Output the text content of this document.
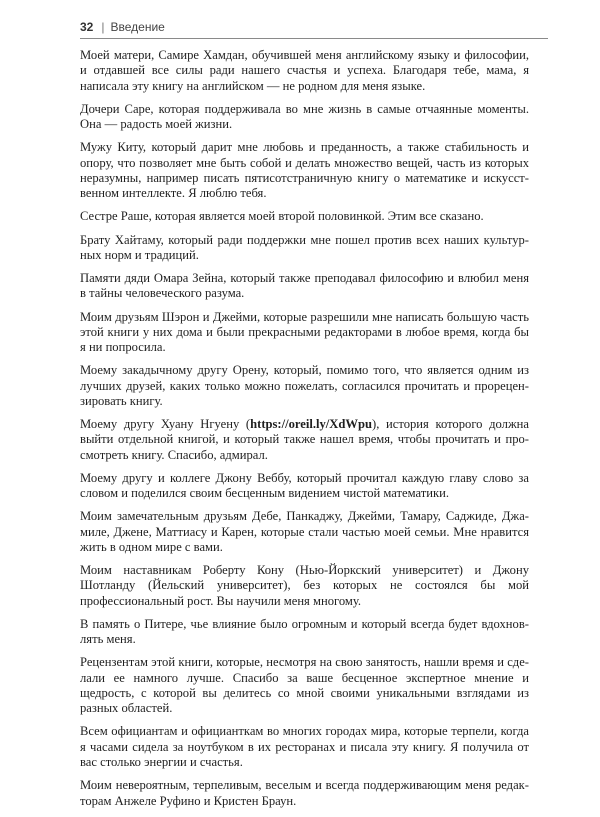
32 | Введение

Моей матери, Самире Хамдан, обучившей меня английскому языку и философии, и отдавшей все силы ради нашего счастья и успеха. Благодаря тебе, мама, я написала эту книгу на английском — не родном для меня языке.

Дочери Саре, которая поддерживала во мне жизнь в самые отчаянные моменты. Она — радость моей жизни.

Мужу Киту, который дарит мне любовь и преданность, а также стабильность и опору, что позволяет мне быть собой и делать множество вещей, часть из которых неразумны, например писать пятисотстраничную книгу о математике и искусственном интеллекте. Я люблю тебя.

Сестре Раше, которая является моей второй половинкой. Этим все сказано.

Брату Хайтаму, который ради поддержки мне пошел против всех наших культурных норм и традиций.

Памяти дяди Омара Зейна, который также преподавал философию и влюбил меня в тайны человеческого разума.

Моим друзьям Шэрон и Джейми, которые разрешили мне написать большую часть этой книги у них дома и были прекрасными редакторами в любое время, когда бы я ни попросила.

Моему закадычному другу Орену, который, помимо того, что является одним из лучших друзей, каких только можно пожелать, согласился прочитать и прорецензировать книгу.

Моему другу Хуану Нгуену (https://oreil.ly/XdWpu), история которого должна выйти отдельной книгой, и который также нашел время, чтобы прочитать и просмотреть книгу. Спасибо, адмирал.

Моему другу и коллеге Джону Веббу, который прочитал каждую главу слово за словом и поделился своим бесценным видением чистой математики.

Моим замечательным друзьям Дебе, Панкаджу, Джейми, Тамару, Саджиде, Джамиле, Джене, Маттиасу и Карен, которые стали частью моей семьи. Мне нравится жить в одном мире с вами.

Моим наставникам Роберту Кону (Нью-Йоркский университет) и Джону Шотланду (Йельский университет), без которых не состоялся бы мой профессиональный рост. Вы научили меня многому.

В память о Питере, чье влияние было огромным и который всегда будет вдохновлять меня.

Рецензентам этой книги, которые, несмотря на свою занятость, нашли время и сделали ее намного лучше. Спасибо за ваше бесценное экспертное мнение и щедрость, с которой вы делитесь со мной своими уникальными взглядами из разных областей.

Всем официантам и официанткам во многих городах мира, которые терпели, когда я часами сидела за ноутбуком в их ресторанах и писала эту книгу. Я получила от вас столько энергии и счастья.

Моим невероятным, терпеливым, веселым и всегда поддерживающим меня редакторам Анжеле Руфино и Кристен Браун.
